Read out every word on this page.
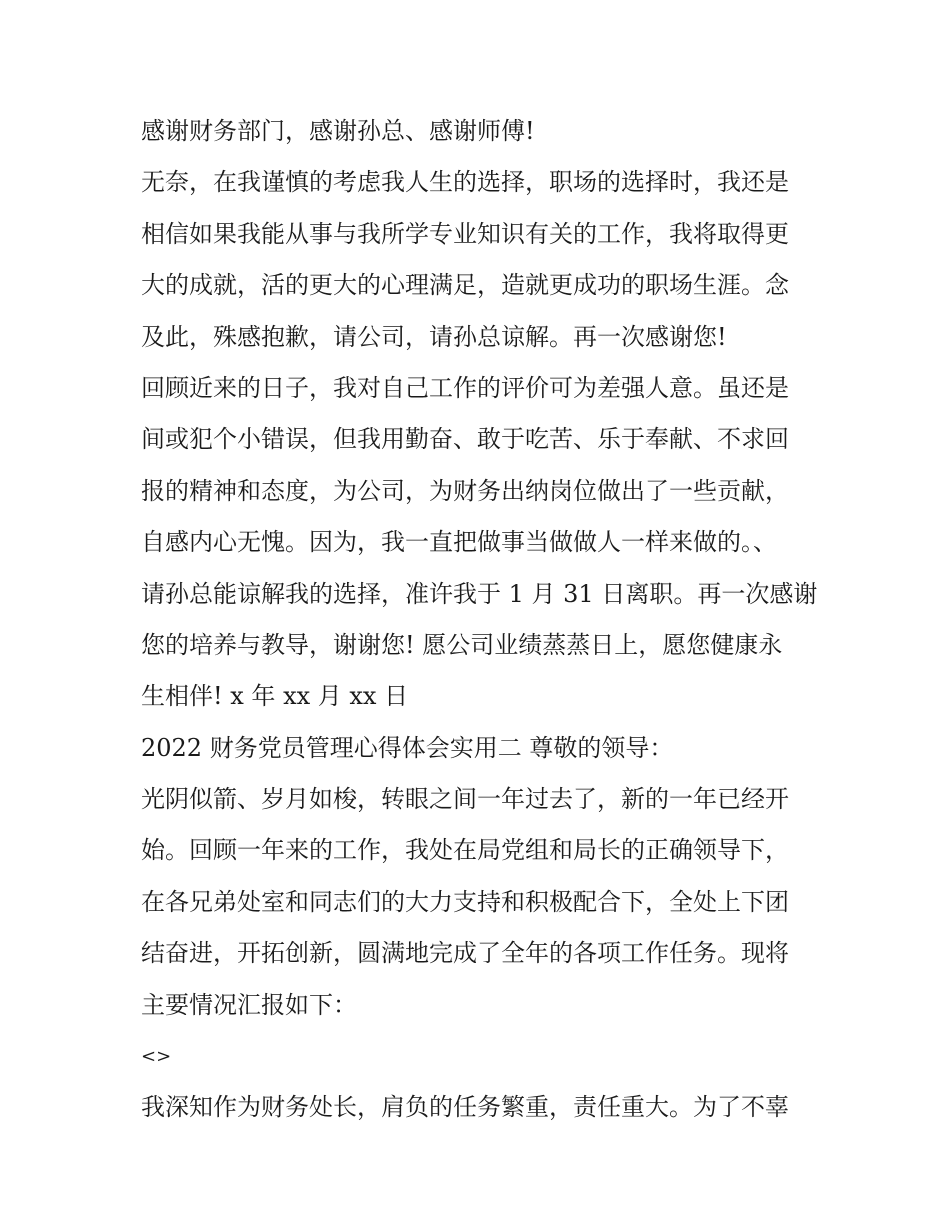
感谢财务部门，感谢孙总、感谢师傅!
无奈，在我谨慎的考虑我人生的选择，职场的选择时，我还是
相信如果我能从事与我所学专业知识有关的工作，我将取得更
大的成就，活的更大的心理满足，造就更成功的职场生涯。念
及此，殊感抱歉，请公司，请孙总谅解。再一次感谢您!
回顾近来的日子，我对自己工作的评价可为差强人意。虽还是
间或犯个小错误，但我用勤奋、敢于吃苦、乐于奉献、不求回
报的精神和态度，为公司，为财务出纳岗位做出了一些贡献，
自感内心无愧。因为，我一直把做事当做做人一样来做的。、
请孙总能谅解我的选择，准许我于 1 月 31 日离职。再一次感谢
您的培养与教导，谢谢您! 愿公司业绩蒸蒸日上，愿您健康永
生相伴! x 年 xx 月 xx 日
2022 财务党员管理心得体会实用二 尊敬的领导：
光阴似箭、岁月如梭，转眼之间一年过去了，新的一年已经开
始。回顾一年来的工作，我处在局党组和局长的正确领导下，
在各兄弟处室和同志们的大力支持和积极配合下，全处上下团
结奋进，开拓创新，圆满地完成了全年的各项工作任务。现将
主要情况汇报如下：
<>
我深知作为财务处长，肩负的任务繁重，责任重大。为了不辜
